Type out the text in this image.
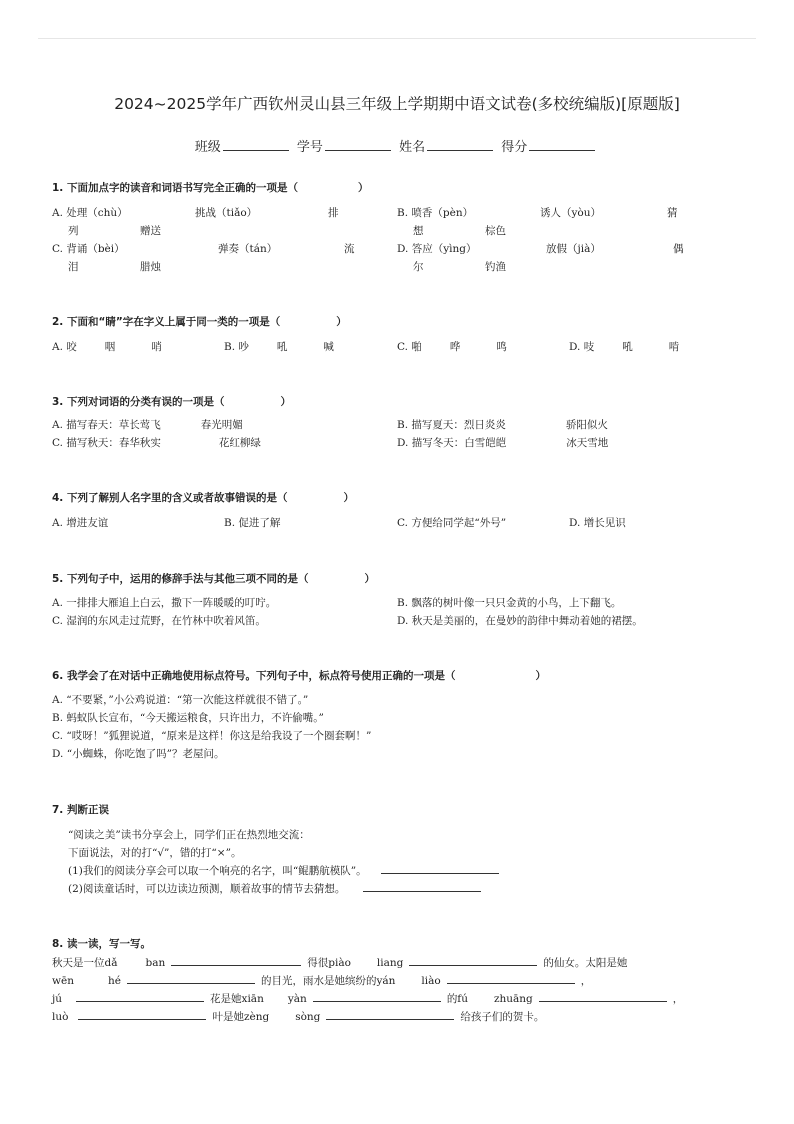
2024~2025学年广西钦州灵山县三年级上学期期中语文试卷(多校统编版)[原题版]
班级	学号	姓名	得分
1. 下面加点字的读音和词语书写完全正确的一项是（	）
A. 处理（chù）	挑战（tiǎo）	排
列	赠送
B. 喷香（pèn）	诱人（yòu）	猜
想	棕色
C. 背诵（bèi）	弹奏（tán）	流
泪	腊烛
D. 答应（yìng）	放假（jià）	偶
尔	钓渔
2. 下面和“睛”字在字义上属于同一类的一项是（	）
A. 咬	咽	哨	B. 吵	吼	喊	C. 啪	哗	鸣	D. 吱	吼	啃
3. 下列对词语的分类有误的一项是（	）
A. 描写春天：草长莺飞	春光明媚	B. 描写夏天：烈日炎炎	骄阳似火
C. 描写秋天：春华秋实	花红柳绿	D. 描写冬天：白雪皑皑	冰天雪地
4. 下列了解别人名字里的含义或者故事错误的是（	）
A. 增进友谊	B. 促进了解	C. 方便给同学起“外号”	D. 增长见识
5. 下列句子中，运用的修辞手法与其他三项不同的是（	）
A. 一排排大雁追上白云，撒下一阵暖暖的叮咛。	B. 飘落的树叶像一只只金黄的小鸟，上下翻飞。
C. 湿润的东风走过荒野，在竹林中吹着风笛。	D. 秋天是美丽的，在曼妙的韵律中舞动着她的裙摆。
6. 我学会了在对话中正确地使用标点符号。下列句子中，标点符号使用正确的一项是（	）
A. “不要紧，”小公鸡说道：“第一次能这样就很不错了。”
B. 蚂蚁队长宣布，“今天搬运粮食，只许出力，不许偷嘴。”
C. “哎呀！”狐狸说道，“原来是这样！你这是给我设了一个圈套啊！”
D. “小蜘蛛，你吃饱了吗”？老屋问。
7. 判断正误
“阅读之美”读书分享会上，同学们正在热烈地交流：
下面说法，对的打“√”，错的打“×”。
(1)我们的阅读分享会可以取一个响亮的名字，叫“鲲鹏航模队”。
(2)阅读童话时，可以边读边预测，顺着故事的情节去猜想。
8. 读一读，写一写。
秋天是一位dǎ	ban	得很piào liang	的仙女。太阳是她
wēn	hé	的目光，雨水是她缤纷的yán liào	，
jú	花是她xiān yàn	的fú zhuāng	，
luò	叶是她zèng sòng	给孩子们的贺卡。
